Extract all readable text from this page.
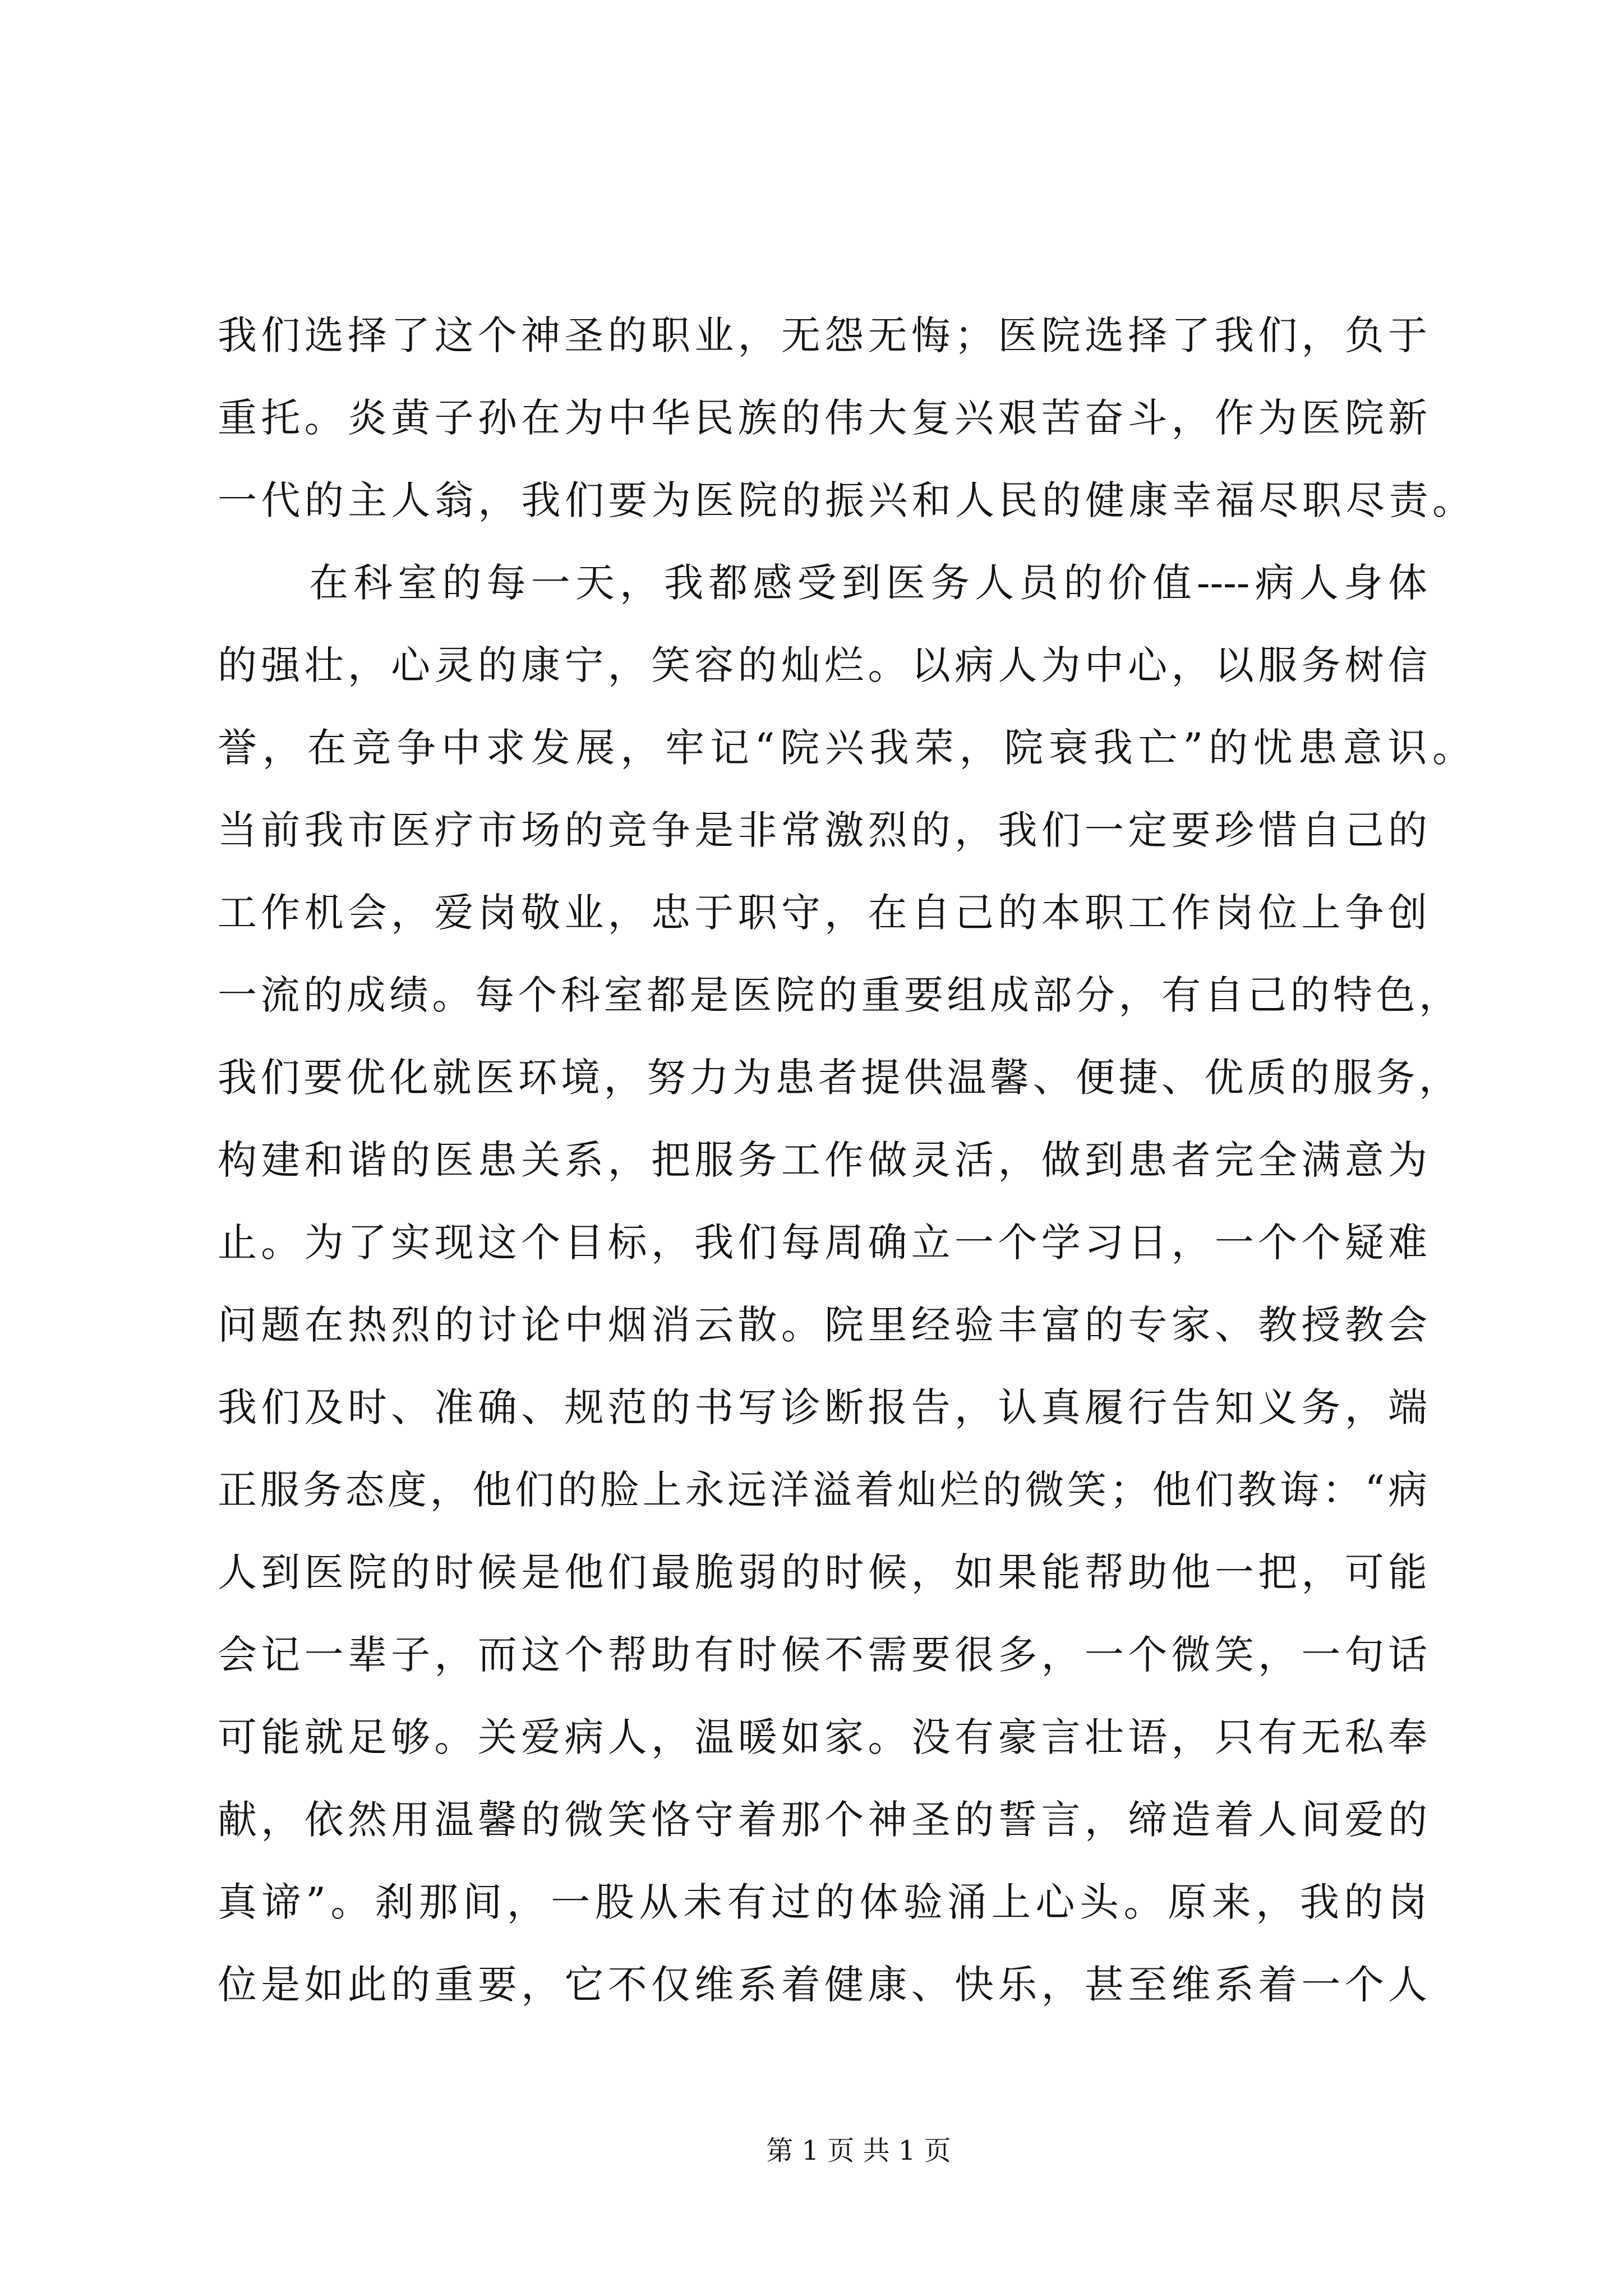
我们选择了这个神圣的职业，无怨无悔；医院选择了我们，负于
重托。炎黄子孙在为中华民族的伟大复兴艰苦奋斗，作为医院新
一代的主人翁，我们要为医院的振兴和人民的健康幸福尽职尽责。
在科室的每一天，我都感受到医务人员的价值----病人身体
的强壮，心灵的康宁，笑容的灿烂。以病人为中心，以服务树信
誉，在竞争中求发展，牢记“院兴我荣，院衰我亡”的忧患意识。
当前我市医疗市场的竞争是非常激烈的，我们一定要珍惜自己的
工作机会，爱岗敬业，忠于职守，在自己的本职工作岗位上争创
一流的成绩。每个科室都是医院的重要组成部分，有自己的特色，
我们要优化就医环境，努力为患者提供温馨、便捷、优质的服务，
构建和谐的医患关系，把服务工作做灵活，做到患者完全满意为
止。为了实现这个目标，我们每周确立一个学习日，一个个疑难
问题在热烈的讨论中烟消云散。院里经验丰富的专家、教授教会
我们及时、准确、规范的书写诊断报告，认真履行告知义务，端
正服务态度，他们的脸上永远洋溢着灿烂的微笑；他们教诲：“病
人到医院的时候是他们最脆弱的时候，如果能帮助他一把，可能
会记一辈子，而这个帮助有时候不需要很多，一个微笑，一句话
可能就足够。关爱病人，温暖如家。没有豪言壮语，只有无私奉
献，依然用温馨的微笑恪守着那个神圣的誓言，缔造着人间爱的
真谛”。刹那间，一股从未有过的体验涌上心头。原来，我的岗
位是如此的重要，它不仅维系着健康、快乐，甚至维系着一个人
第 1 页 共 1 页
